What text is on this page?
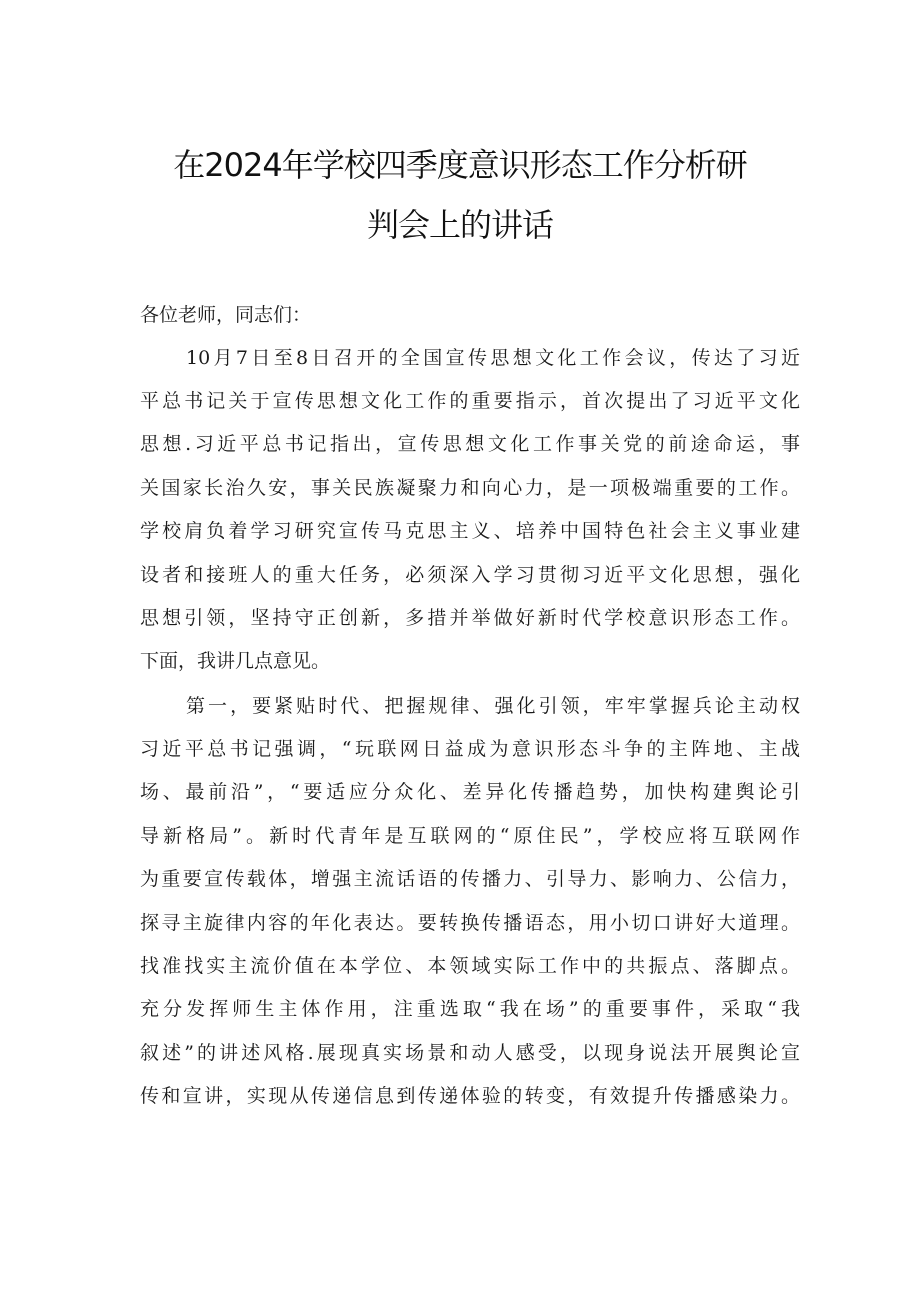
在2024年学校四季度意识形态工作分析研
判会上的讲话
各位老师，同志们：
10月7日至8日召开的全国宣传思想文化工作会议，传达了习近
平总书记关于宣传思想文化工作的重要指示，首次提出了习近平文化
思想.习近平总书记指出，宣传思想文化工作事关党的前途命运，事
关国家长治久安，事关民族凝聚力和向心力，是一项极端重要的工作。
学校肩负着学习研究宣传马克思主义、培养中国特色社会主义事业建
设者和接班人的重大任务，必须深入学习贯彻习近平文化思想，强化
思想引领，坚持守正创新，多措并举做好新时代学校意识形态工作。
下面，我讲几点意见。
第一，要紧贴时代、把握规律、强化引领，牢牢掌握兵论主动权
习近平总书记强调，“玩联网日益成为意识形态斗争的主阵地、主战
场、最前沿”，“要适应分众化、差异化传播趋势，加快构建舆论引
导新格局”。新时代青年是互联网的“原住民”，学校应将互联网作
为重要宣传载体，增强主流话语的传播力、引导力、影响力、公信力，
探寻主旋律内容的年化表达。要转换传播语态，用小切口讲好大道理。
找准找实主流价值在本学位、本领域实际工作中的共振点、落脚点。
充分发挥师生主体作用，注重选取“我在场”的重要事件，采取“我
叙述”的讲述风格.展现真实场景和动人感受，以现身说法开展舆论宣
传和宣讲，实现从传递信息到传递体验的转变，有效提升传播感染力。
